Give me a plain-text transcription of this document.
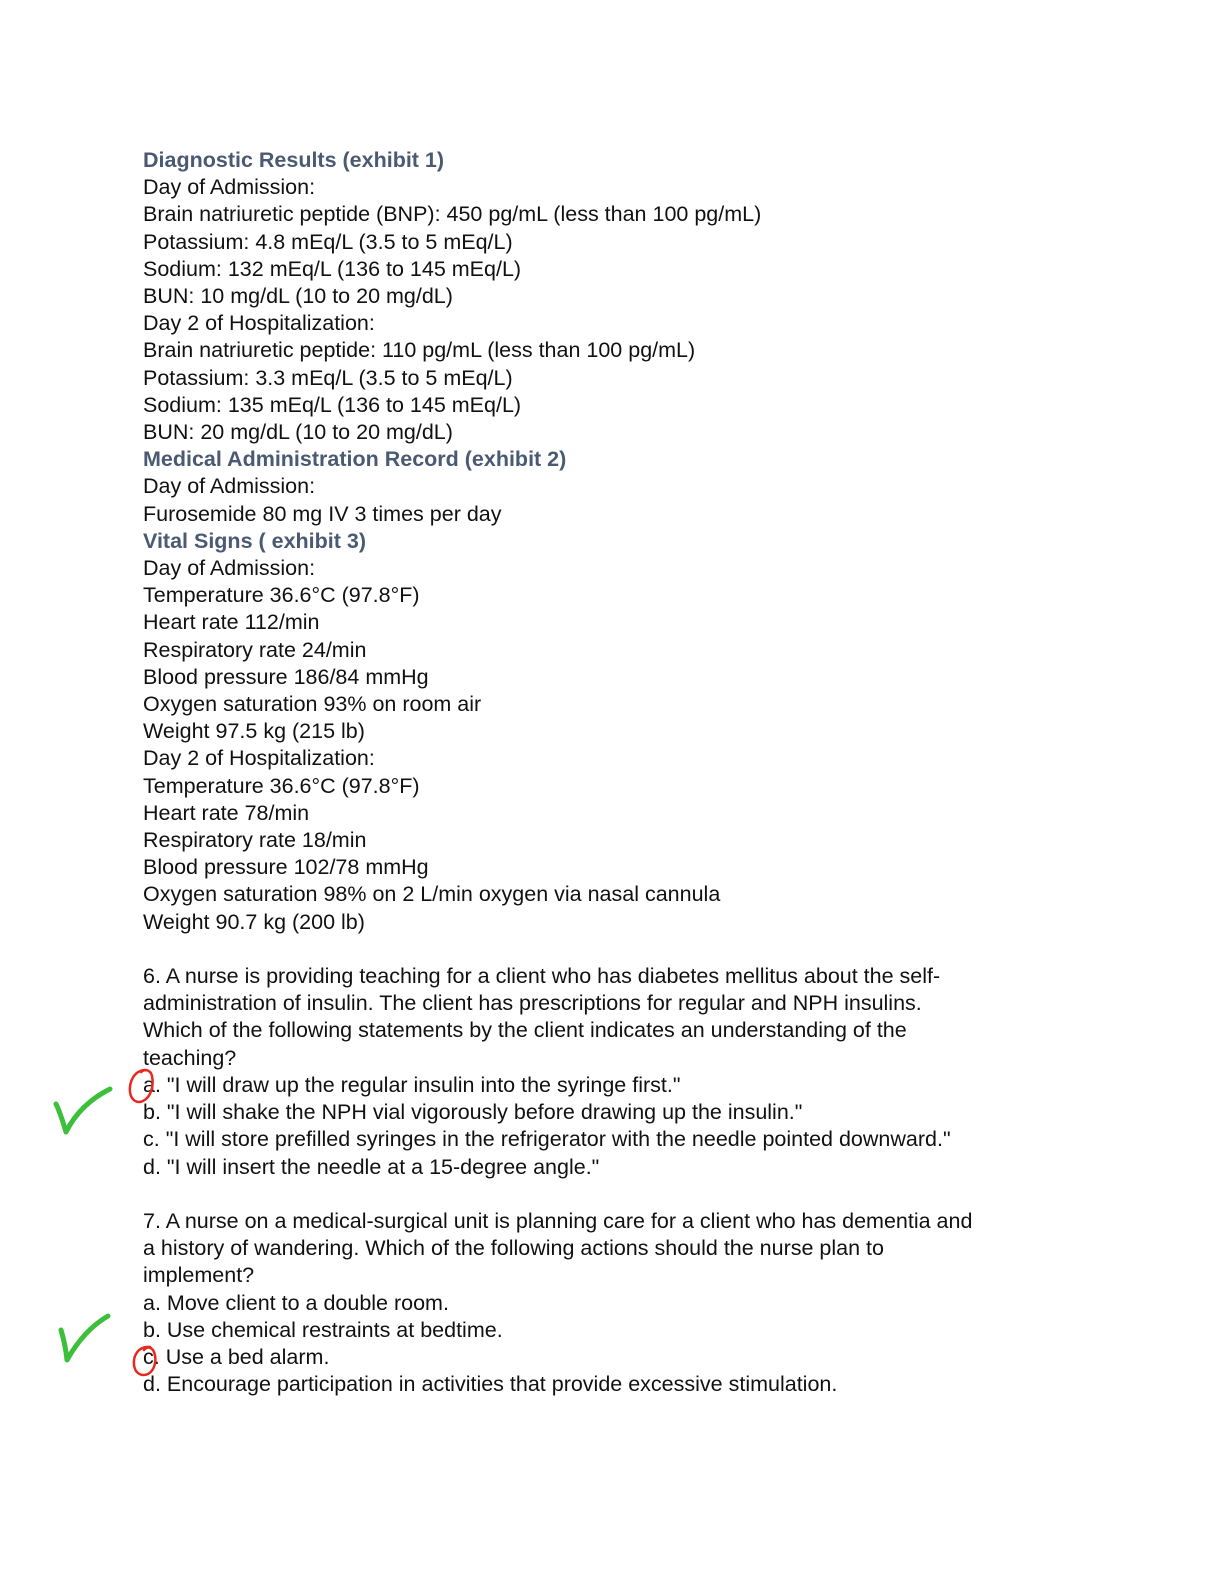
Diagnostic Results (exhibit 1)
Day of Admission:
Brain natriuretic peptide (BNP): 450 pg/mL (less than 100 pg/mL)
Potassium: 4.8 mEq/L (3.5 to 5 mEq/L)
Sodium: 132 mEq/L (136 to 145 mEq/L)
BUN: 10 mg/dL (10 to 20 mg/dL)
Day 2 of Hospitalization:
Brain natriuretic peptide: 110 pg/mL (less than 100 pg/mL)
Potassium: 3.3 mEq/L (3.5 to 5 mEq/L)
Sodium: 135 mEq/L (136 to 145 mEq/L)
BUN: 20 mg/dL (10 to 20 mg/dL)
Medical Administration Record (exhibit 2)
Day of Admission:
Furosemide 80 mg IV 3 times per day
Vital Signs ( exhibit 3)
Day of Admission:
Temperature 36.6°C (97.8°F)
Heart rate 112/min
Respiratory rate 24/min
Blood pressure 186/84 mmHg
Oxygen saturation 93% on room air
Weight 97.5 kg (215 lb)
Day 2 of Hospitalization:
Temperature 36.6°C (97.8°F)
Heart rate 78/min
Respiratory rate 18/min
Blood pressure 102/78 mmHg
Oxygen saturation 98% on 2 L/min oxygen via nasal cannula
Weight 90.7 kg (200 lb)
6. A nurse is providing teaching for a client who has diabetes mellitus about the self-
administration of insulin. The client has prescriptions for regular and NPH insulins.
Which of the following statements by the client indicates an understanding of the
teaching?
a. "I will draw up the regular insulin into the syringe first."
b. "I will shake the NPH vial vigorously before drawing up the insulin."
c. "I will store prefilled syringes in the refrigerator with the needle pointed downward."
d. "I will insert the needle at a 15-degree angle."
7. A nurse on a medical-surgical unit is planning care for a client who has dementia and
a history of wandering. Which of the following actions should the nurse plan to
implement?
a. Move client to a double room.
b. Use chemical restraints at bedtime.
c. Use a bed alarm.
d. Encourage participation in activities that provide excessive stimulation.
